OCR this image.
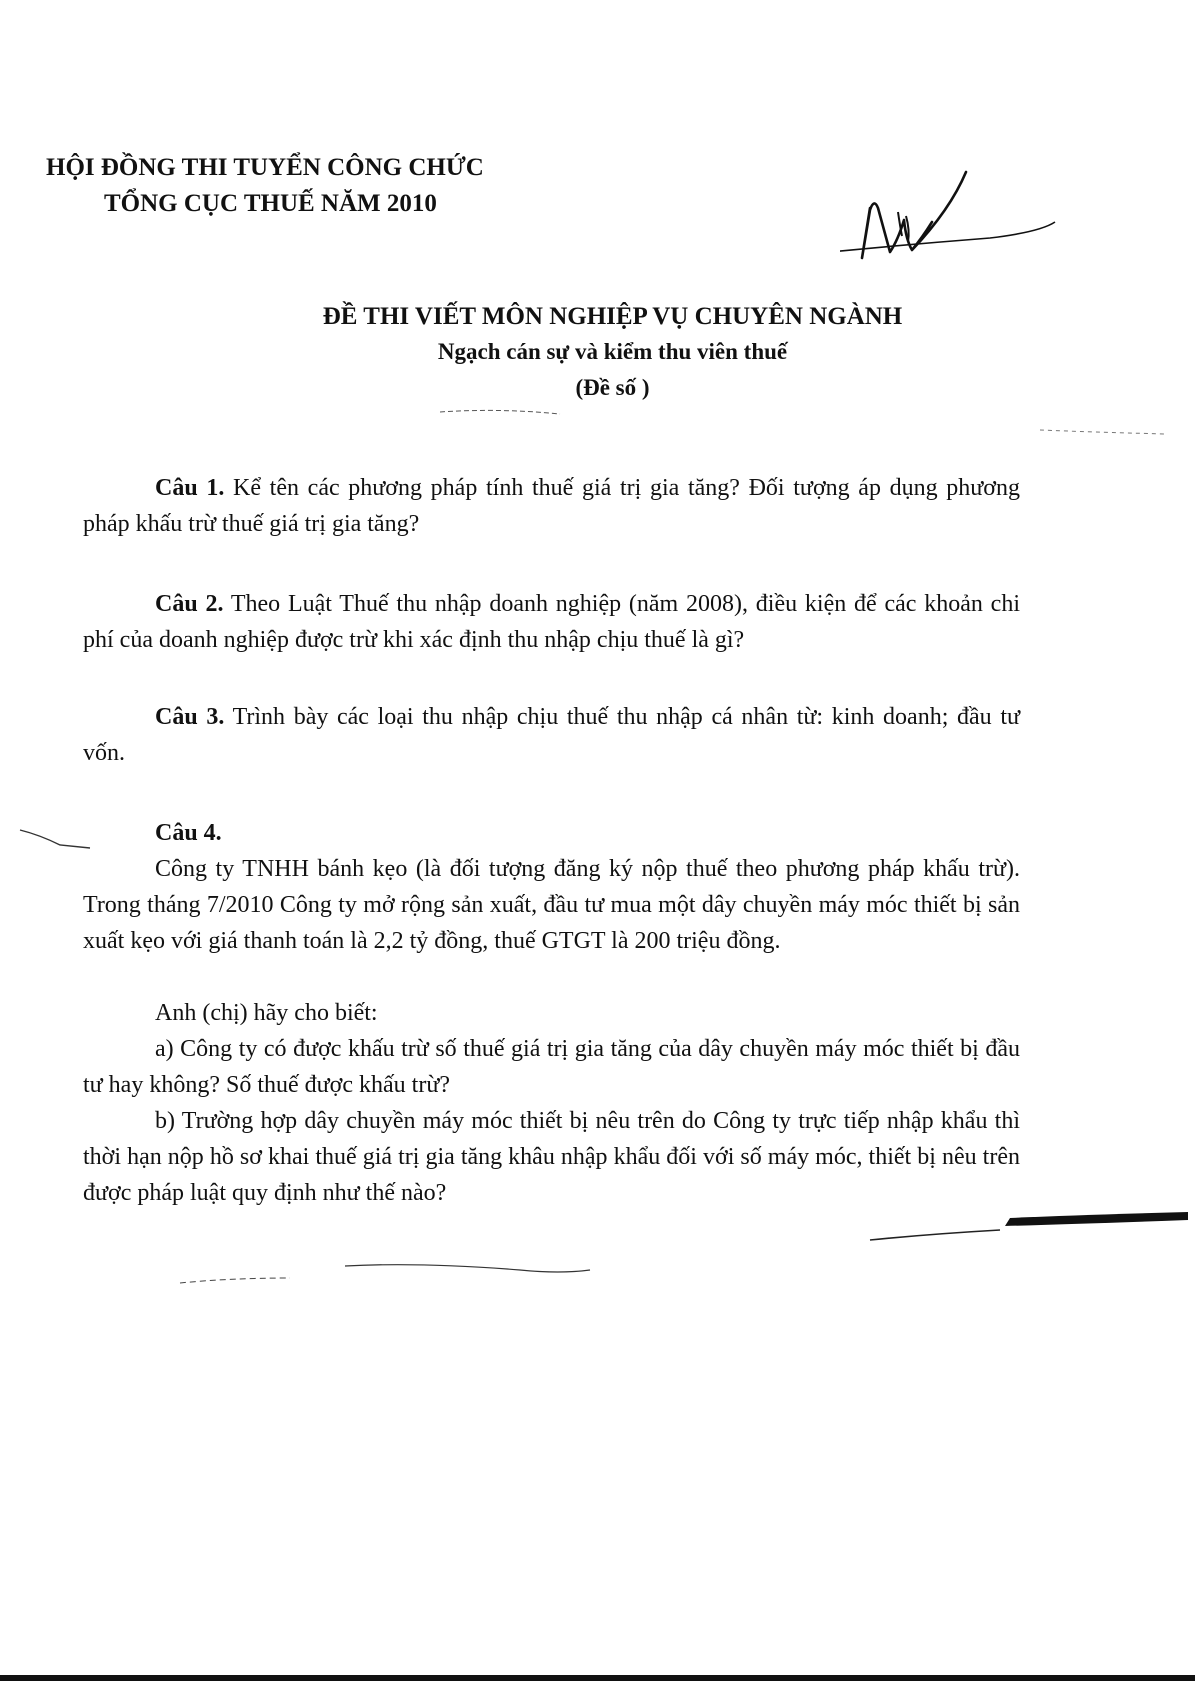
HỘI ĐỒNG THI TUYỂN CÔNG CHỨC
TỔNG CỤC THUẾ NĂM 2010
ĐỀ THI VIẾT MÔN NGHIỆP VỤ CHUYÊN NGÀNH
Ngạch cán sự và kiểm thu viên thuế
(Đề số )

Câu 1. Kể tên các phương pháp tính thuế giá trị gia tăng? Đối tượng áp dụng phương pháp khấu trừ thuế giá trị gia tăng?

Câu 2. Theo Luật Thuế thu nhập doanh nghiệp (năm 2008), điều kiện để các khoản chi phí của doanh nghiệp được trừ khi xác định thu nhập chịu thuế là gì?

Câu 3. Trình bày các loại thu nhập chịu thuế thu nhập cá nhân từ: kinh doanh; đầu tư vốn.

Câu 4.

Công ty TNHH bánh kẹo (là đối tượng đăng ký nộp thuế theo phương pháp khấu trừ). Trong tháng 7/2010 Công ty mở rộng sản xuất, đầu tư mua một dây chuyền máy móc thiết bị sản xuất kẹo với giá thanh toán là 2,2 tỷ đồng, thuế GTGT là 200 triệu đồng.

Anh (chị) hãy cho biết:

a) Công ty có được khấu trừ số thuế giá trị gia tăng của dây chuyền máy móc thiết bị đầu tư hay không? Số thuế được khấu trừ?

b) Trường hợp dây chuyền máy móc thiết bị nêu trên do Công ty trực tiếp nhập khẩu thì thời hạn nộp hồ sơ khai thuế giá trị gia tăng khâu nhập khẩu đối với số máy móc, thiết bị nêu trên được pháp luật quy định như thế nào?
